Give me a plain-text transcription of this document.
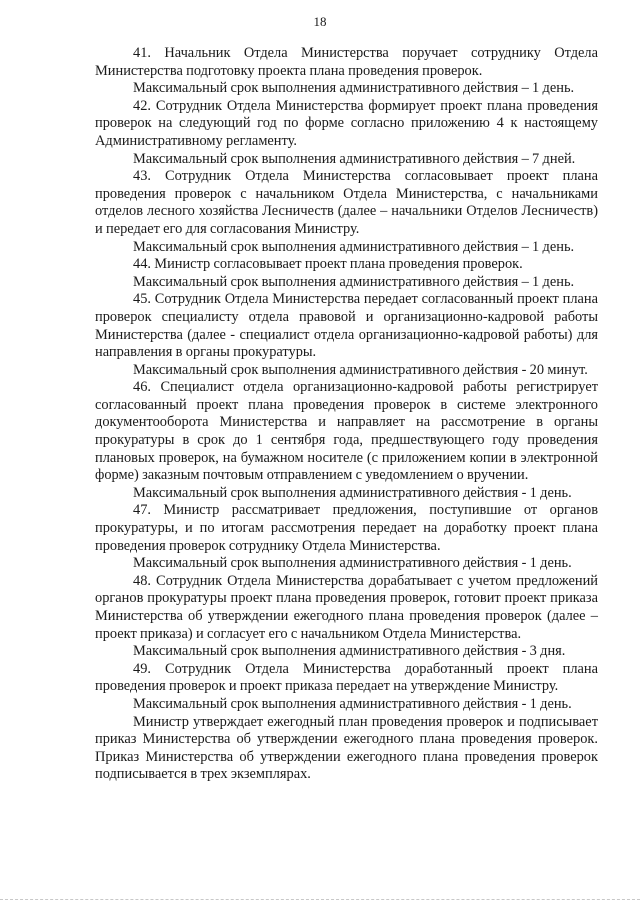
18

41. Начальник Отдела Министерства поручает сотруднику Отдела Министерства подготовку проекта плана проведения проверок.

Максимальный срок выполнения административного действия – 1 день.

42. Сотрудник Отдела Министерства формирует проект плана проведения проверок на следующий год по форме согласно приложению 4 к настоящему Административному регламенту.

Максимальный срок выполнения административного действия – 7 дней.

43. Сотрудник Отдела Министерства согласовывает проект плана проведения проверок с начальником Отдела Министерства, с начальниками отделов лесного хозяйства Лесничеств (далее – начальники Отделов Лесничеств) и передает его для согласования Министру.

Максимальный срок выполнения административного действия – 1 день.

44. Министр согласовывает проект плана проведения проверок.

Максимальный срок выполнения административного действия – 1 день.

45. Сотрудник Отдела Министерства передает согласованный проект плана проверок специалисту отдела правовой и организационно-кадровой работы Министерства (далее - специалист отдела организационно-кадровой работы) для направления в органы прокуратуры.

Максимальный срок выполнения административного действия - 20 минут.

46. Специалист отдела организационно-кадровой работы регистрирует согласованный проект плана проведения проверок в системе электронного документооборота Министерства и направляет на рассмотрение в органы прокуратуры в срок до 1 сентября года, предшествующего году проведения плановых проверок, на бумажном носителе (с приложением копии в электронной форме) заказным почтовым отправлением с уведомлением о вручении.

Максимальный срок выполнения административного действия - 1 день.

47. Министр рассматривает предложения, поступившие от органов прокуратуры, и по итогам рассмотрения передает на доработку проект плана проведения проверок сотруднику Отдела Министерства.

Максимальный срок выполнения административного действия - 1 день.

48. Сотрудник Отдела Министерства дорабатывает с учетом предложений органов прокуратуры проект плана проведения проверок, готовит проект приказа Министерства об утверждении ежегодного плана проведения проверок (далее – проект приказа) и согласует его с начальником Отдела Министерства.

Максимальный срок выполнения административного действия - 3 дня.

49. Сотрудник Отдела Министерства доработанный проект плана проведения проверок и проект приказа передает на утверждение Министру.

Максимальный срок выполнения административного действия - 1 день.

Министр утверждает ежегодный план проведения проверок и подписывает приказ Министерства об утверждении ежегодного плана проведения проверок. Приказ Министерства об утверждении ежегодного плана проведения проверок подписывается в трех экземплярах.
